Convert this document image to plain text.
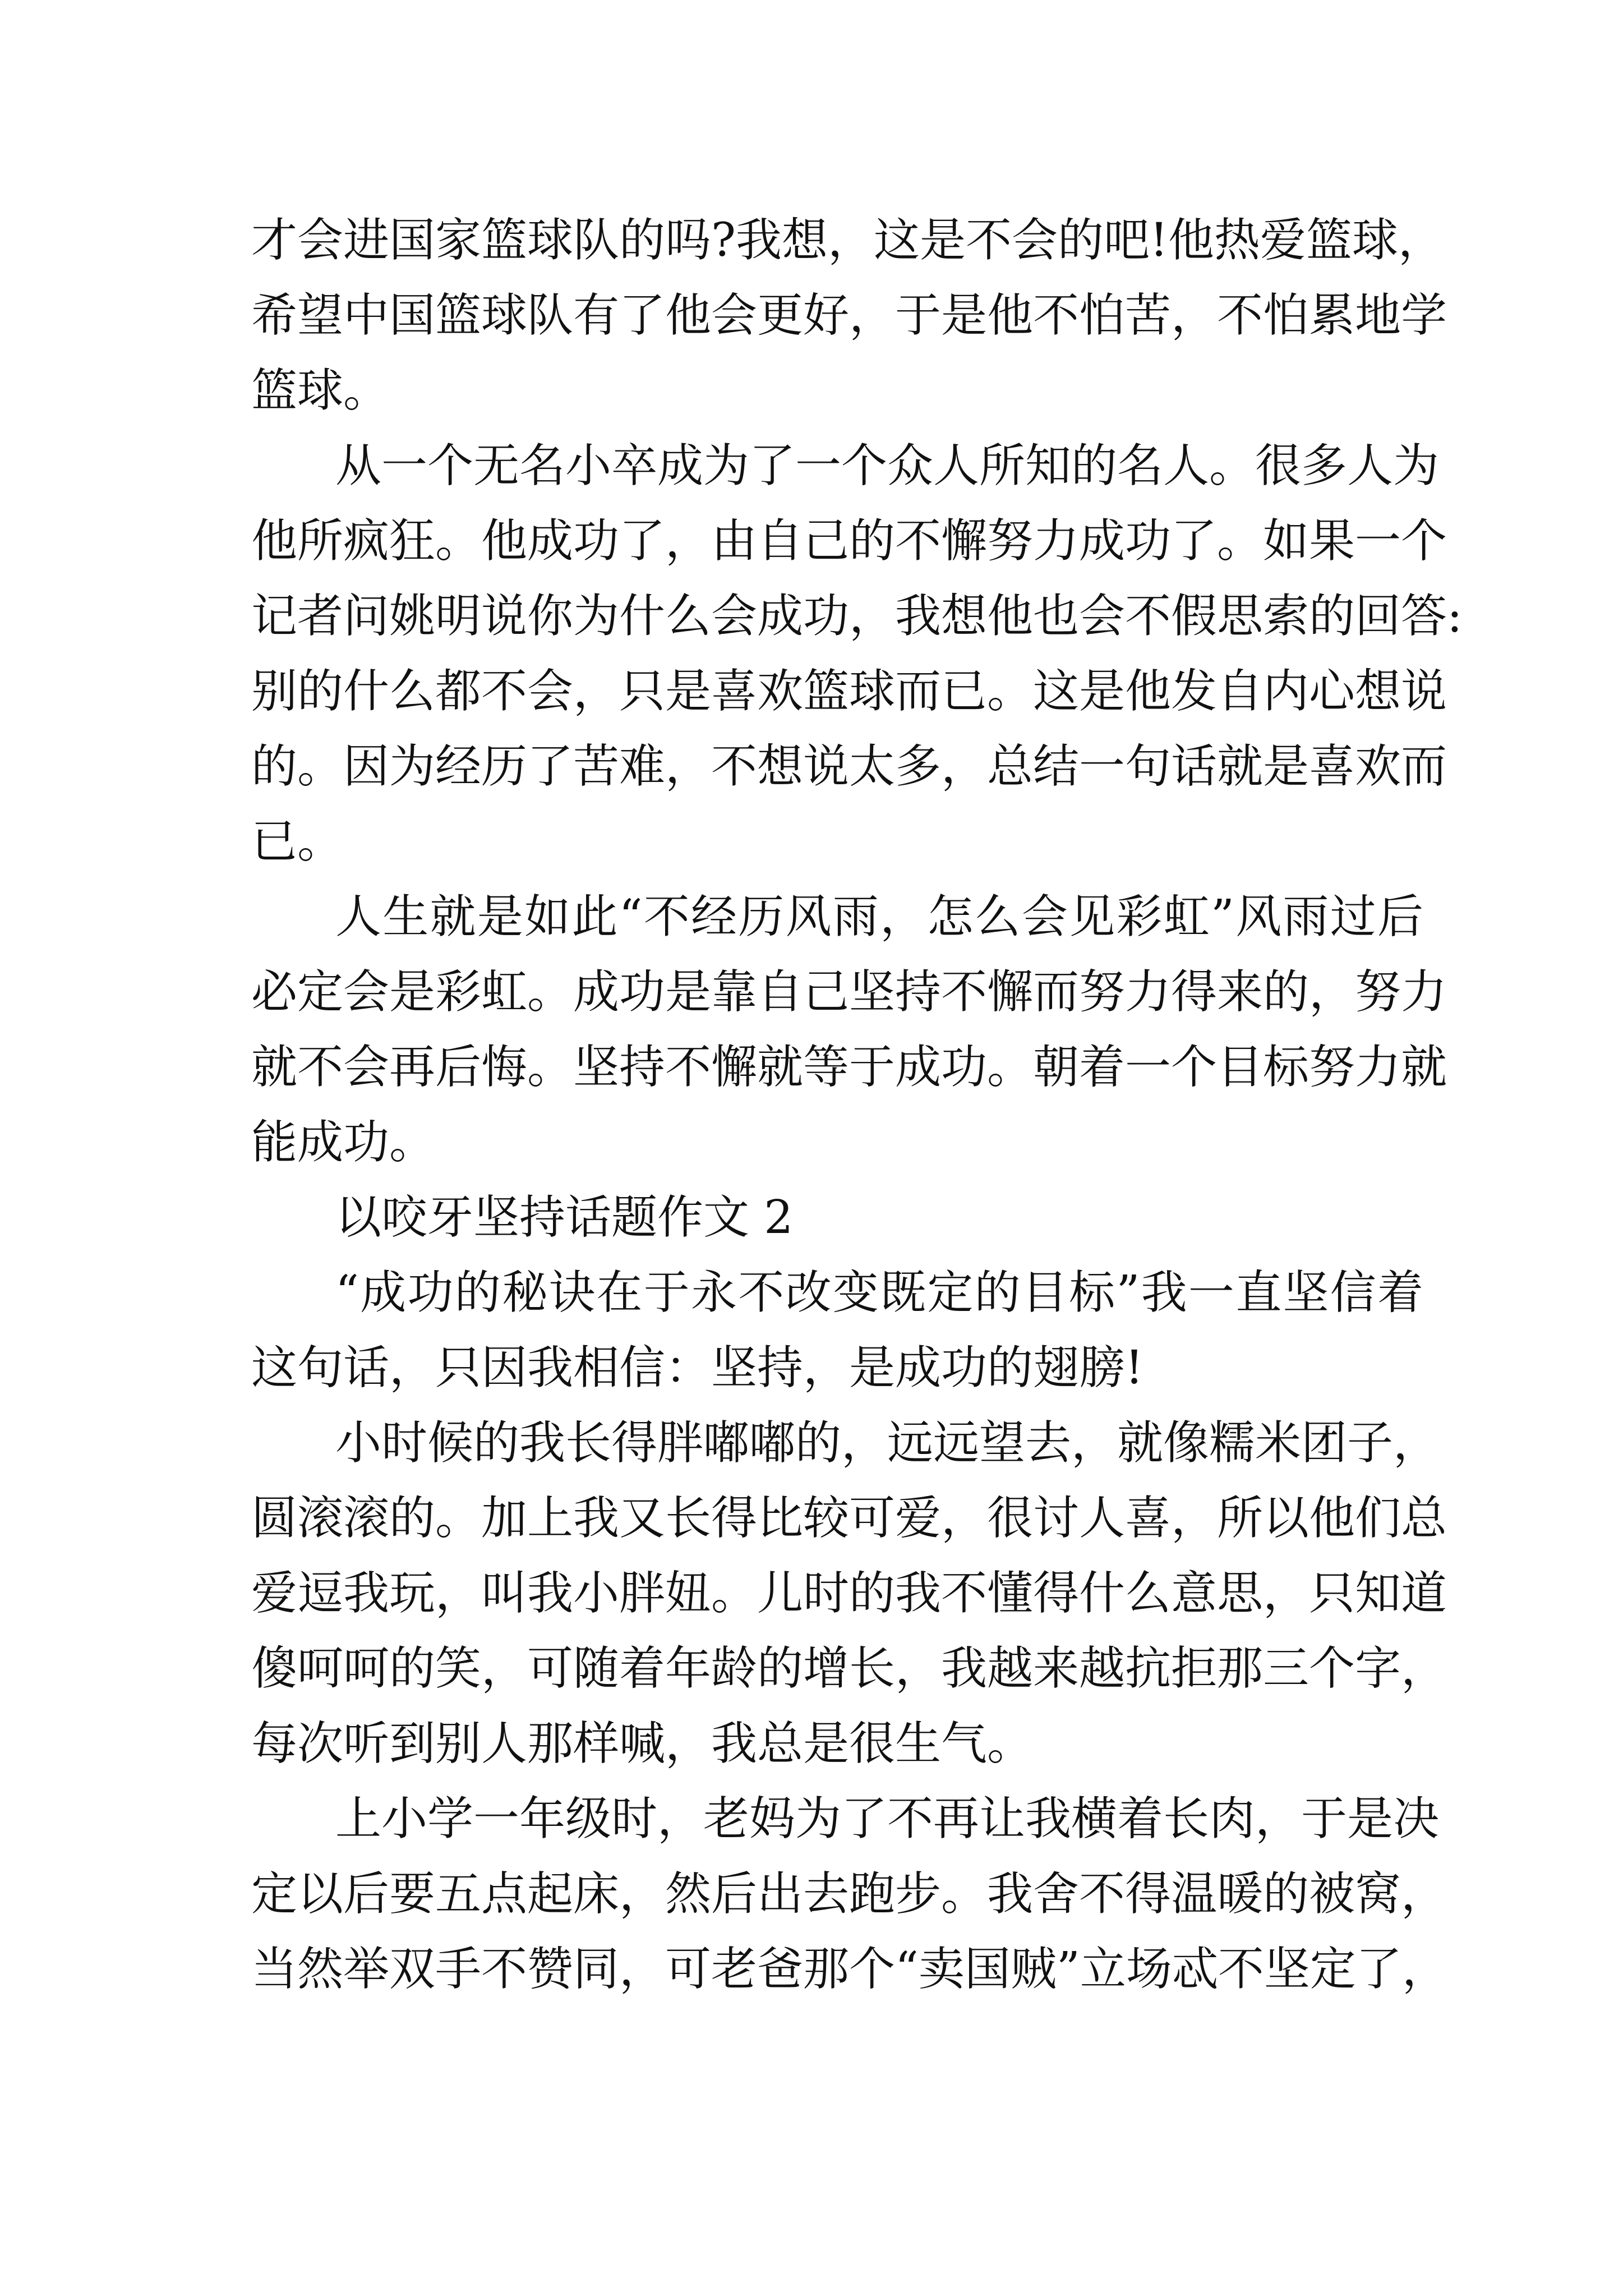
才会进国家篮球队的吗?我想，这是不会的吧!他热爱篮球，
希望中国篮球队有了他会更好，于是他不怕苦，不怕累地学
篮球。
从一个无名小卒成为了一个众人所知的名人。很多人为
他所疯狂。他成功了，由自己的不懈努力成功了。如果一个
记者问姚明说你为什么会成功，我想他也会不假思索的回答:
别的什么都不会，只是喜欢篮球而已。这是他发自内心想说
的。因为经历了苦难，不想说太多，总结一句话就是喜欢而
已。
人生就是如此“不经历风雨，怎么会见彩虹”风雨过后
必定会是彩虹。成功是靠自己坚持不懈而努力得来的，努力
就不会再后悔。坚持不懈就等于成功。朝着一个目标努力就
能成功。
以咬牙坚持话题作文 2
“成功的秘诀在于永不改变既定的目标”我一直坚信着
这句话，只因我相信：坚持，是成功的翅膀!
小时候的我长得胖嘟嘟的，远远望去，就像糯米团子，
圆滚滚的。加上我又长得比较可爱，很讨人喜，所以他们总
爱逗我玩，叫我小胖妞。儿时的我不懂得什么意思，只知道
傻呵呵的笑，可随着年龄的增长，我越来越抗拒那三个字，
每次听到别人那样喊，我总是很生气。
上小学一年级时，老妈为了不再让我横着长肉，于是决
定以后要五点起床，然后出去跑步。我舍不得温暖的被窝，
当然举双手不赞同，可老爸那个“卖国贼”立场忒不坚定了，
